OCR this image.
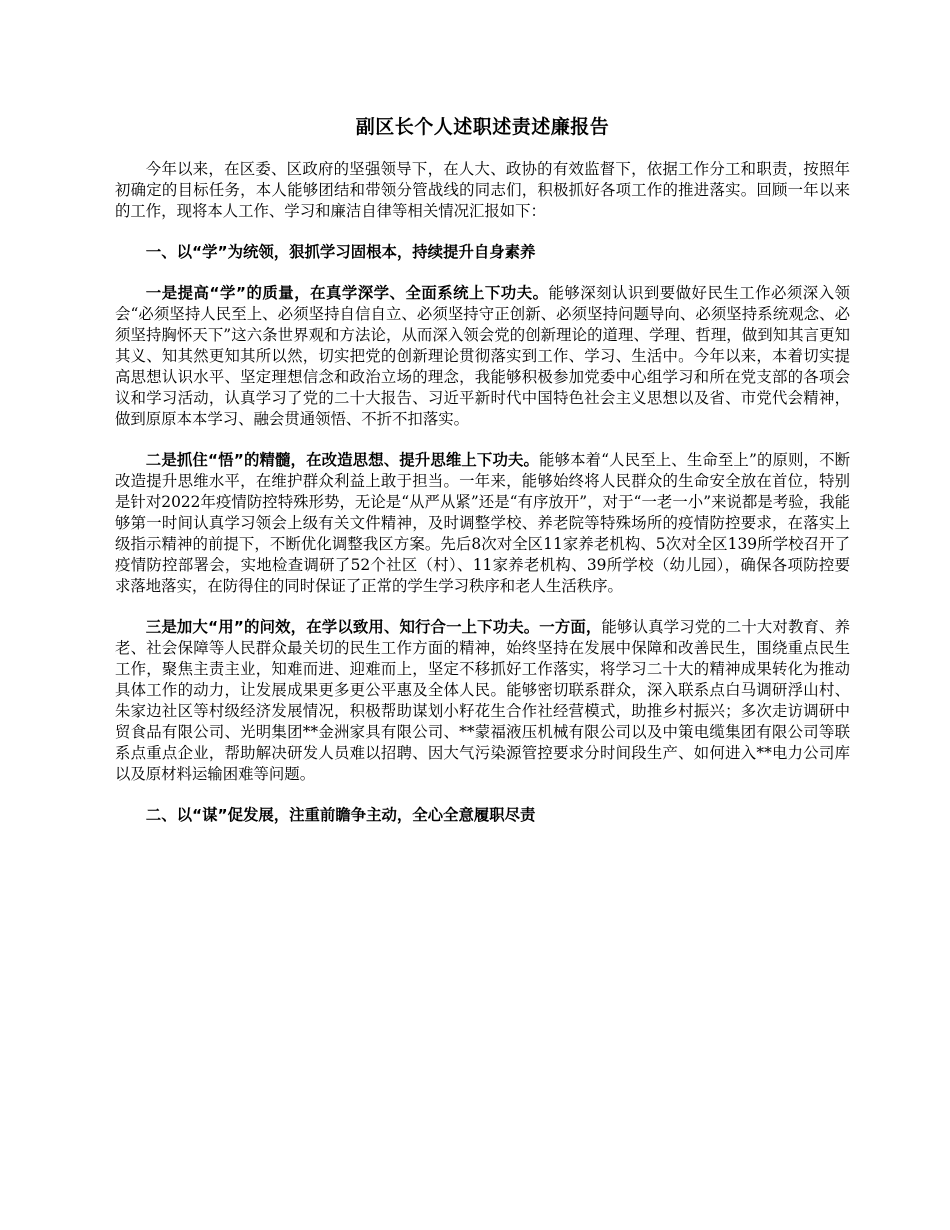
副区长个人述职述责述廉报告

今年以来，在区委、区政府的坚强领导下，在人大、政协的有效监督下，依据工作分工和职责，按照年初确定的目标任务，本人能够团结和带领分管战线的同志们，积极抓好各项工作的推进落实。回顾一年以来的工作，现将本人工作、学习和廉洁自律等相关情况汇报如下：

一、以“学”为统领，狠抓学习固根本，持续提升自身素养

一是提高“学”的质量，在真学深学、全面系统上下功夫。能够深刻认识到要做好民生工作必须深入领会“必须坚持人民至上、必须坚持自信自立、必须坚持守正创新、必须坚持问题导向、必须坚持系统观念、必须坚持胸怀天下”这六条世界观和方法论，从而深入领会党的创新理论的道理、学理、哲理，做到知其言更知其义、知其然更知其所以然，切实把党的创新理论贯彻落实到工作、学习、生活中。今年以来，本着切实提高思想认识水平、坚定理想信念和政治立场的理念，我能够积极参加党委中心组学习和所在党支部的各项会议和学习活动，认真学习了党的二十大报告、习近平新时代中国特色社会主义思想以及省、市党代会精神，做到原原本本学习、融会贯通领悟、不折不扣落实。

二是抓住“悟”的精髓，在改造思想、提升思维上下功夫。能够本着“人民至上、生命至上”的原则，不断改造提升思维水平，在维护群众利益上敢于担当。一年来，能够始终将人民群众的生命安全放在首位，特别是针对2022年疫情防控特殊形势，无论是“从严从紧”还是“有序放开”，对于“一老一小”来说都是考验，我能够第一时间认真学习领会上级有关文件精神，及时调整学校、养老院等特殊场所的疫情防控要求，在落实上级指示精神的前提下，不断优化调整我区方案。先后8次对全区11家养老机构、5次对全区139所学校召开了疫情防控部署会，实地检查调研了52个社区（村）、11家养老机构、39所学校（幼儿园），确保各项防控要求落地落实，在防得住的同时保证了正常的学生学习秩序和老人生活秩序。

三是加大“用”的问效，在学以致用、知行合一上下功夫。一方面，能够认真学习党的二十大对教育、养老、社会保障等人民群众最关切的民生工作方面的精神，始终坚持在发展中保障和改善民生，围绕重点民生工作，聚焦主责主业，知难而进、迎难而上，坚定不移抓好工作落实，将学习二十大的精神成果转化为推动具体工作的动力，让发展成果更多更公平惠及全体人民。能够密切联系群众，深入联系点白马调研浮山村、朱家边社区等村级经济发展情况，积极帮助谋划小籽花生合作社经营模式，助推乡村振兴；多次走访调研中贸食品有限公司、光明集团**金洲家具有限公司、**蒙福液压机械有限公司以及中策电缆集团有限公司等联系点重点企业，帮助解决研发人员难以招聘、因大气污染源管控要求分时间段生产、如何进入**电力公司库以及原材料运输困难等问题。

二、以“谋”促发展，注重前瞻争主动，全心全意履职尽责
